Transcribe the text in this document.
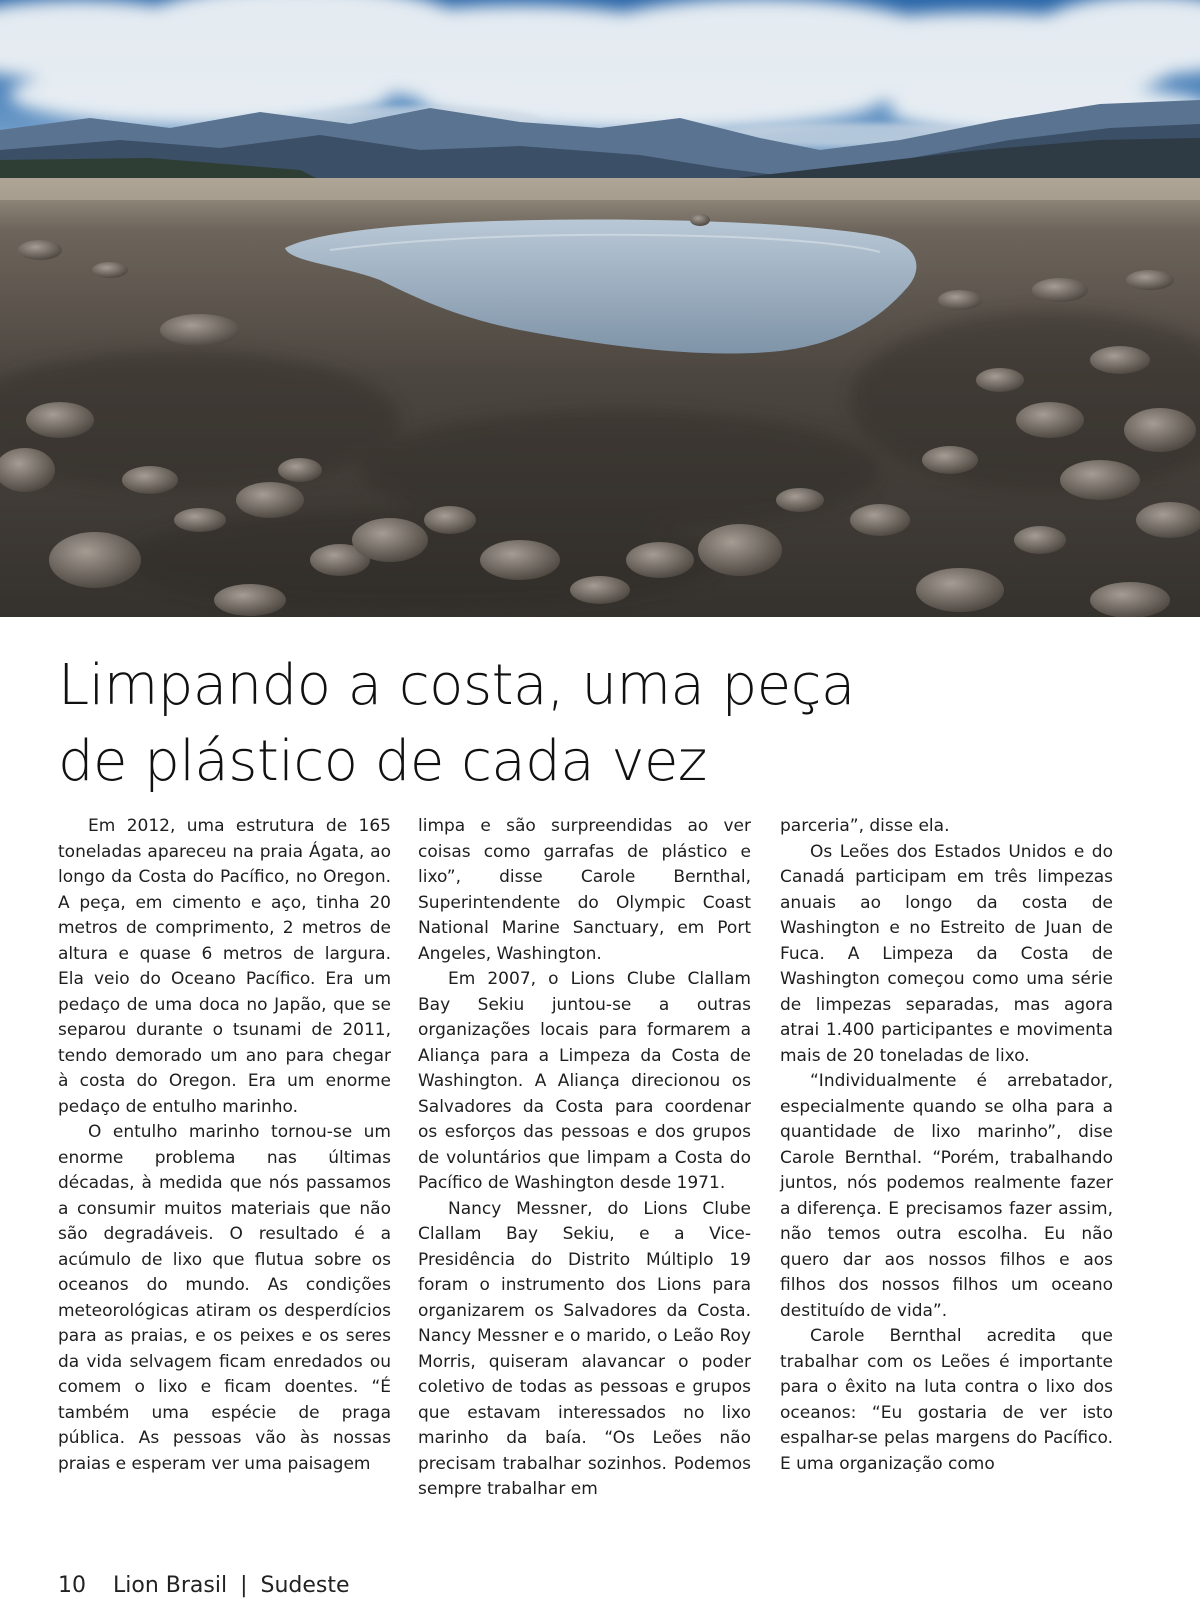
Limpando a costa, uma peça
de plástico de cada vez

Em 2012, uma estrutura de 165 toneladas apareceu na praia Ágata, ao longo da Costa do Pacífico, no Oregon. A peça, em cimento e aço, tinha 20 metros de comprimento, 2 metros de altura e quase 6 metros de largura. Ela veio do Oceano Pacífico. Era um pedaço de uma doca no Japão, que se separou durante o tsunami de 2011, tendo demorado um ano para chegar à costa do Oregon. Era um enorme pedaço de entulho marinho.

O entulho marinho tornou-se um enorme problema nas últimas décadas, à medida que nós passamos a consumir muitos materiais que não são degradáveis. O resultado é a acúmulo de lixo que flutua sobre os oceanos do mundo. As condições meteorológicas atiram os desperdícios para as praias, e os peixes e os seres da vida selvagem ficam enredados ou comem o lixo e ficam doentes. “É também uma espécie de praga pública. As pessoas vão às nossas praias e esperam ver uma paisagem

limpa e são surpreendidas ao ver coisas como garrafas de plástico e lixo”, disse Carole Bernthal, Superintendente do Olympic Coast National Marine Sanctuary, em Port Angeles, Washington.

Em 2007, o Lions Clube Clallam Bay Sekiu juntou-se a outras organizações locais para formarem a Aliança para a Limpeza da Costa de Washington. A Aliança direcionou os Salvadores da Costa para coordenar os esforços das pessoas e dos grupos de voluntários que limpam a Costa do Pacífico de Washington desde 1971.

Nancy Messner, do Lions Clube Clallam Bay Sekiu, e a Vice-Presidência do Distrito Múltiplo 19 foram o instrumento dos Lions para organizarem os Salvadores da Costa. Nancy Messner e o marido, o Leão Roy Morris, quiseram alavancar o poder coletivo de todas as pessoas e grupos que estavam interessados no lixo marinho da baía. “Os Leões não precisam trabalhar sozinhos. Podemos sempre trabalhar em

parceria”, disse ela.

Os Leões dos Estados Unidos e do Canadá participam em três limpezas anuais ao longo da costa de Washington e no Estreito de Juan de Fuca. A Limpeza da Costa de Washington começou como uma série de limpezas separadas, mas agora atrai 1.400 participantes e movimenta mais de 20 toneladas de lixo.

“Individualmente é arrebatador, especialmente quando se olha para a quantidade de lixo marinho”, dise Carole Bernthal. “Porém, trabalhando juntos, nós podemos realmente fazer a diferença. E precisamos fazer assim, não temos outra escolha. Eu não quero dar aos nossos filhos e aos filhos dos nossos filhos um oceano destituído de vida”.

Carole Bernthal acredita que trabalhar com os Leões é importante para o êxito na luta contra o lixo dos oceanos: “Eu gostaria de ver isto espalhar-se pelas margens do Pacífico. E uma organização como

10 Lion Brasil | Sudeste
